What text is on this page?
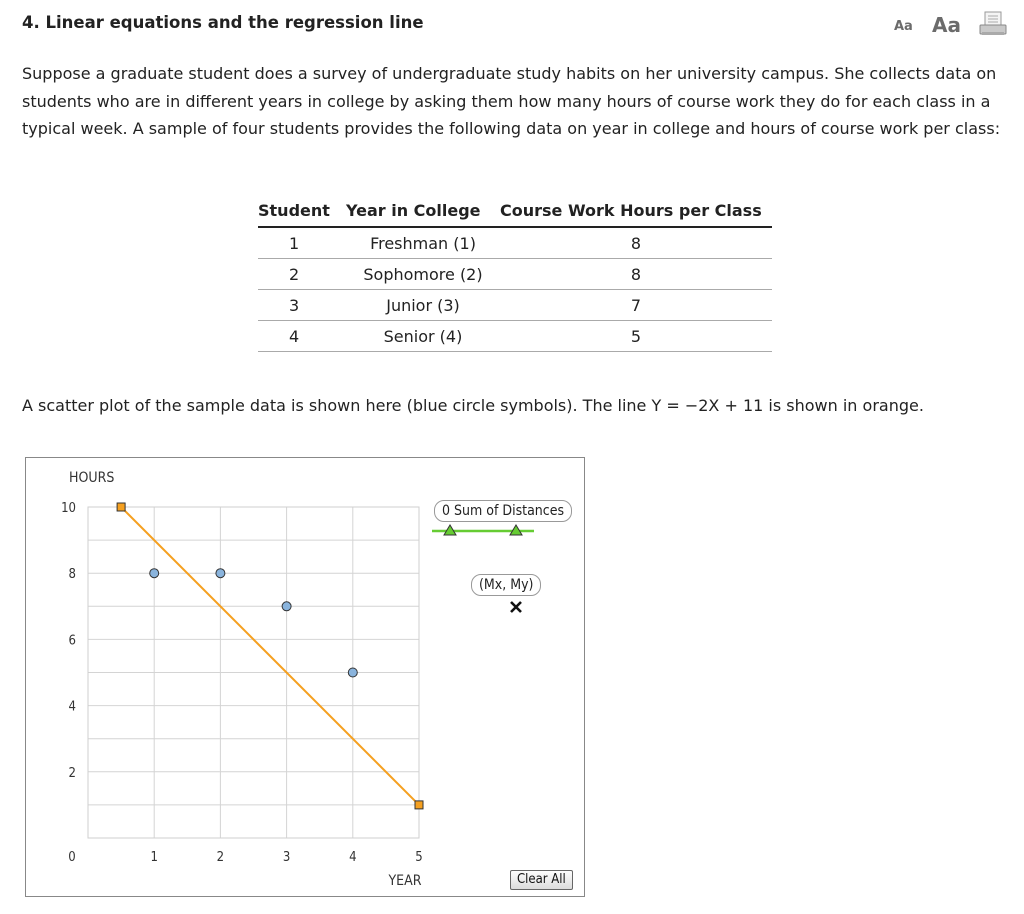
4. Linear equations and the regression line	Aa Aa
Suppose a graduate student does a survey of undergraduate study habits on her university campus. She collects data on students who are in different years in college by asking them how many hours of course work they do for each class in a typical week. A sample of four students provides the following data on year in college and hours of course work per class:
Student	Year in College	Course Work Hours per Class
1	Freshman (1)	8
2	Sophomore (2)	8
3	Junior (3)	7
4	Senior (4)	5
A scatter plot of the sample data is shown here (blue circle symbols). The line Y = −2X + 11 is shown in orange.
0	1	2	3	4	5
2
4
6
8
10
HOURS
YEAR
0 Sum of Distances
(Mx, My)
Clear All
